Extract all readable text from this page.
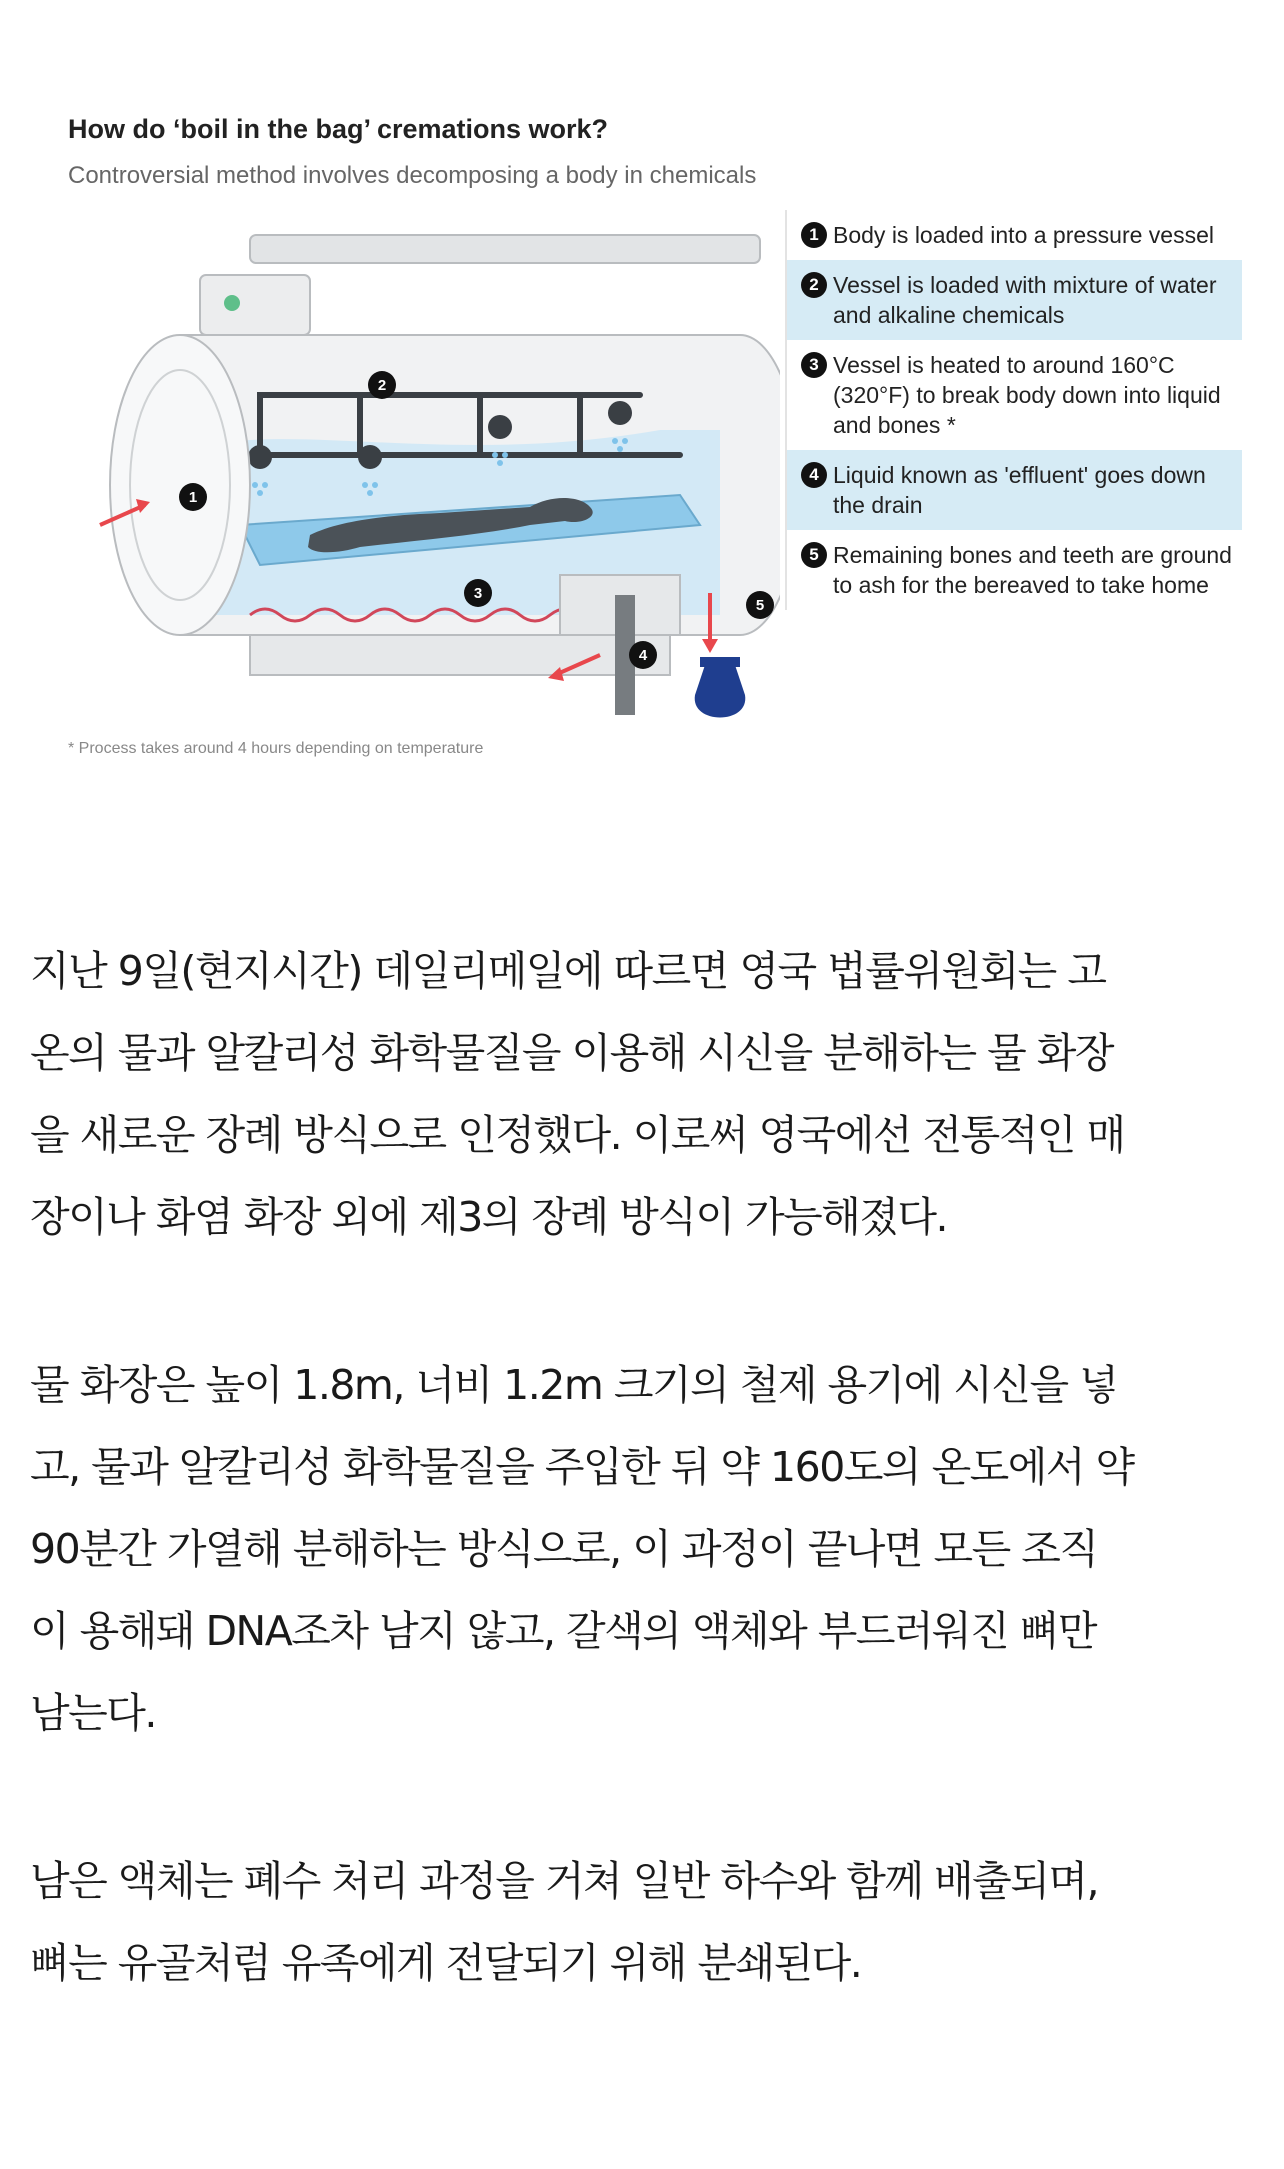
How do ‘boil in the bag’ cremations work?
Controversial method involves decomposing a body in chemicals
1
2
3
4
5
1 Body is loaded into a pressure vessel
2 Vessel is loaded with mixture of water and alkaline chemicals
3 Vessel is heated to around 160°C (320°F) to break body down into liquid and bones *
4 Liquid known as 'effluent' goes down the drain
5 Remaining bones and teeth are ground to ash for the bereaved to take home
* Process takes around 4 hours depending on temperature

지난 9일(현지시간) 데일리메일에 따르면 영국 법률위원회는 고
온의 물과 알칼리성 화학물질을 이용해 시신을 분해하는 물 화장
을 새로운 장례 방식으로 인정했다. 이로써 영국에선 전통적인 매
장이나 화염 화장 외에 제3의 장례 방식이 가능해졌다.

물 화장은 높이 1.8m, 너비 1.2m 크기의 철제 용기에 시신을 넣
고, 물과 알칼리성 화학물질을 주입한 뒤 약 160도의 온도에서 약
90분간 가열해 분해하는 방식으로, 이 과정이 끝나면 모든 조직
이 용해돼 DNA조차 남지 않고, 갈색의 액체와 부드러워진 뼈만
남는다.

남은 액체는 폐수 처리 과정을 거쳐 일반 하수와 함께 배출되며,
뼈는 유골처럼 유족에게 전달되기 위해 분쇄된다.
